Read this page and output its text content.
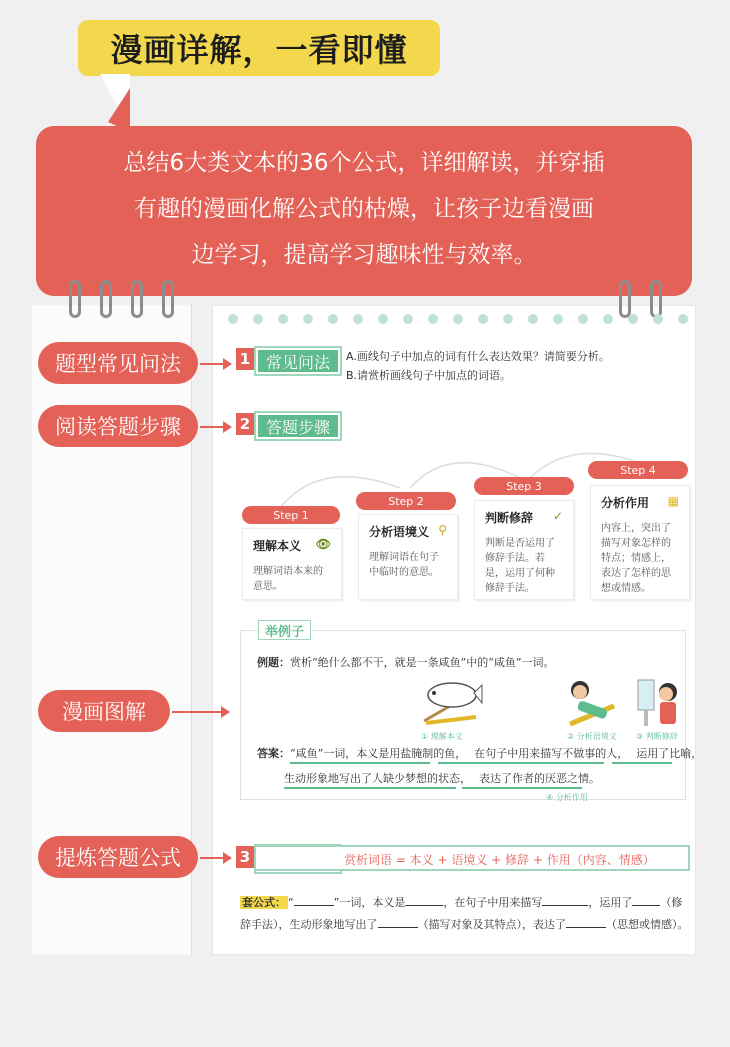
漫画详解，一看即懂
总结6大类文本的36个公式，详细解读，并穿插
有趣的漫画化解公式的枯燥，让孩子边看漫画
边学习，提高学习趣味性与效率。
题型常见问法
阅读答题步骤
漫画图解
提炼答题公式
1 常见问法	A.画线句子中加点的词有什么表达效果？请简要分析。
B.请赏析画线句子中加点的词语。
2 答题步骤
Step 1
理解本义 👁
理解词语本来的意思。
Step 2
分析语境义 ⚲
理解词语在句子中临时的意思。
Step 3
判断修辞 ✓
判断是否运用了修辞手法。若是，运用了何种修辞手法。
Step 4
分析作用 ▦
内容上，突出了描写对象怎样的特点；情感上，表达了怎样的思想或情感。
举例子
例题：赏析“绝什么都不干，就是一条咸鱼”中的“咸鱼”一词。
① 理解本义	② 分析语境义 ③ 判断修辞
答案：“咸鱼”一词，本义是用盐腌制的鱼， 在句子中用来描写不做事的人， 运用了比喻，
生动形象地写出了人缺少梦想的状态， 表达了作者的厌恶之情。
④ 分析作用
3	赏析词语 = 本义 + 语境义 + 修辞 + 作用（内容、情感）
套公式： “	”一词，本义是	，在句子中用来描写	，运用了	（修辞手法），生动形象地写出了	（描写对象及其特点），表达了	（思想或情感）。
